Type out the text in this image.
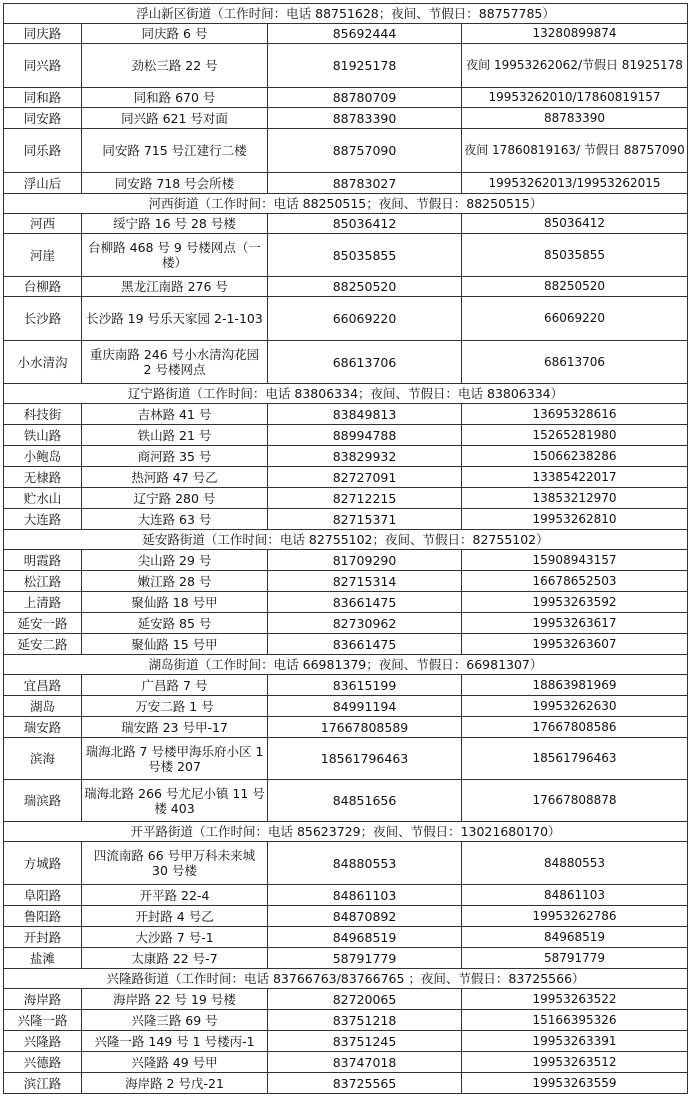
浮山新区街道（工作时间：电话 88751628；夜间、节假日：88757785）			
同庆路	同庆路 6 号	85692444	13280899874
同兴路	劲松三路 22 号	81925178	夜间 19953262062/节假日 81925178
同和路	同和路 670 号	88780709	19953262010/17860819157
同安路	同兴路 621 号对面	88783390	88783390
同乐路	同安路 715 号江建行二楼	88757090	夜间 17860819163/ 节假日 88757090
浮山后	同安路 718 号会所楼	88783027	19953262013/19953262015
河西街道（工作时间：电话 88250515；夜间、节假日：88250515）			
河西	绥宁路 16 号 28 号楼	85036412	85036412
河崖	台柳路 468 号 9 号楼网点（一楼）	85035855	85035855
台柳路	黑龙江南路 276 号	88250520	88250520
长沙路	长沙路 19 号乐天家园 2-1-103	66069220	66069220
小水清沟	重庆南路 246 号小水清沟花园 2 号楼网点	68613706	68613706
辽宁路街道（工作时间：电话 83806334；夜间、节假日：电话 83806334）			
科技街	吉林路 41 号	83849813	13695328616
铁山路	铁山路 21 号	88994788	15265281980
小鲍岛	商河路 35 号	83829932	15066238286
无棣路	热河路 47 号乙	82727091	13385422017
贮水山	辽宁路 280 号	82712215	13853212970
大连路	大连路 63 号	82715371	19953262810
延安路街道（工作时间：电话 82755102；夜间、节假日：82755102）			
明霞路	尖山路 29 号	81709290	15908943157
松江路	嫩江路 28 号	82715314	16678652503
上清路	聚仙路 18 号甲	83661475	19953263592
延安一路	延安路 85 号	82730962	19953263617
延安二路	聚仙路 15 号甲	83661475	19953263607
湖岛街道（工作时间：电话 66981379；夜间、节假日：66981307）			
宜昌路	广昌路 7 号	83615199	18863981969
湖岛	万安二路 1 号	84991194	19953262630
瑞安路	瑞安路 23 号甲-17	17667808589	17667808586
滨海	瑞海北路 7 号楼甲海乐府小区 1 号楼 207	18561796463	18561796463
瑞滨路	瑞海北路 266 号尤尼小镇 11 号楼 403	84851656	17667808878
开平路街道（工作时间：电话 85623729；夜间、节假日：13021680170）			
方城路	四流南路 66 号甲万科未来城 30 号楼	84880553	84880553
阜阳路	开平路 22-4	84861103	84861103
鲁阳路	开封路 4 号乙	84870892	19953262786
开封路	大沙路 7 号-1	84968519	84968519
盐滩	太康路 22 号-7	58791779	58791779
兴隆路街道（工作时间：电话 83766763/83766765 ；夜间、节假日：83725566）			
海岸路	海岸路 22 号 19 号楼	82720065	19953263522
兴隆一路	兴隆三路 69 号	83751218	15166395326
兴隆路	兴隆一路 149 号 1 号楼丙-1	83751245	19953263391
兴德路	兴隆路 49 号甲	83747018	19953263512
滨江路	海岸路 2 号戊-21	83725565	19953263559
